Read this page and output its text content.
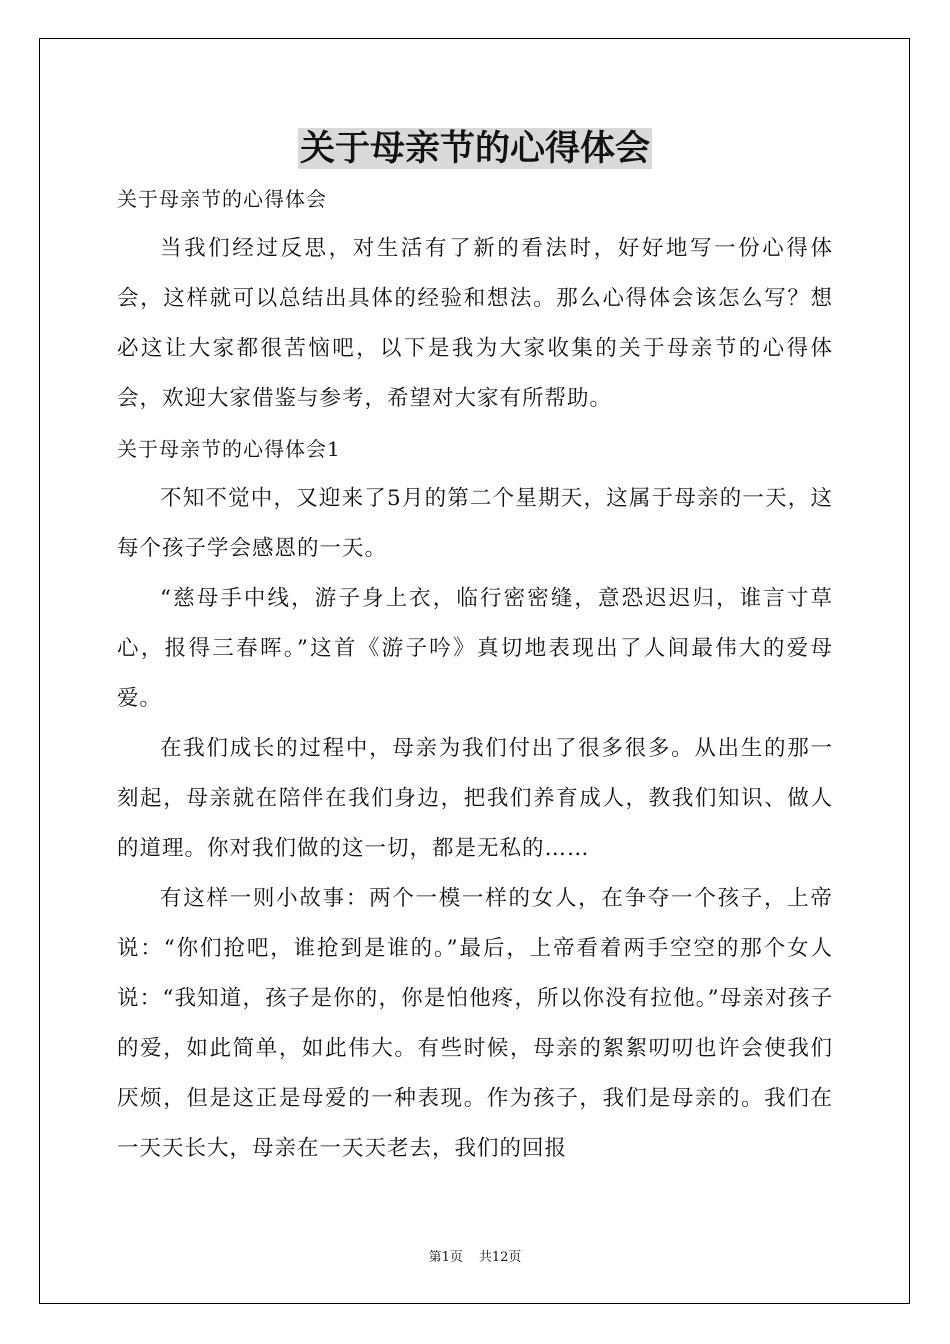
关于母亲节的心得体会

关于母亲节的心得体会

当我们经过反思，对生活有了新的看法时，好好地写一份心得体会，这样就可以总结出具体的经验和想法。那么心得体会该怎么写？想必这让大家都很苦恼吧，以下是我为大家收集的关于母亲节的心得体会，欢迎大家借鉴与参考，希望对大家有所帮助。

关于母亲节的心得体会1

不知不觉中，又迎来了5月的第二个星期天，这属于母亲的一天，这每个孩子学会感恩的一天。

“慈母手中线，游子身上衣，临行密密缝，意恐迟迟归，谁言寸草心，报得三春晖。”这首《游子吟》真切地表现出了人间最伟大的爱母爱。

在我们成长的过程中，母亲为我们付出了很多很多。从出生的那一刻起，母亲就在陪伴在我们身边，把我们养育成人，教我们知识、做人的道理。你对我们做的这一切，都是无私的……

有这样一则小故事：两个一模一样的女人，在争夺一个孩子，上帝说：“你们抢吧，谁抢到是谁的。”最后，上帝看着两手空空的那个女人说：“我知道，孩子是你的，你是怕他疼，所以你没有拉他。”母亲对孩子的爱，如此简单，如此伟大。有些时候，母亲的絮絮叨叨也许会使我们厌烦，但是这正是母爱的一种表现。作为孩子，我们是母亲的。我们在一天天长大，母亲在一天天老去，我们的回报

第1页 共12页
